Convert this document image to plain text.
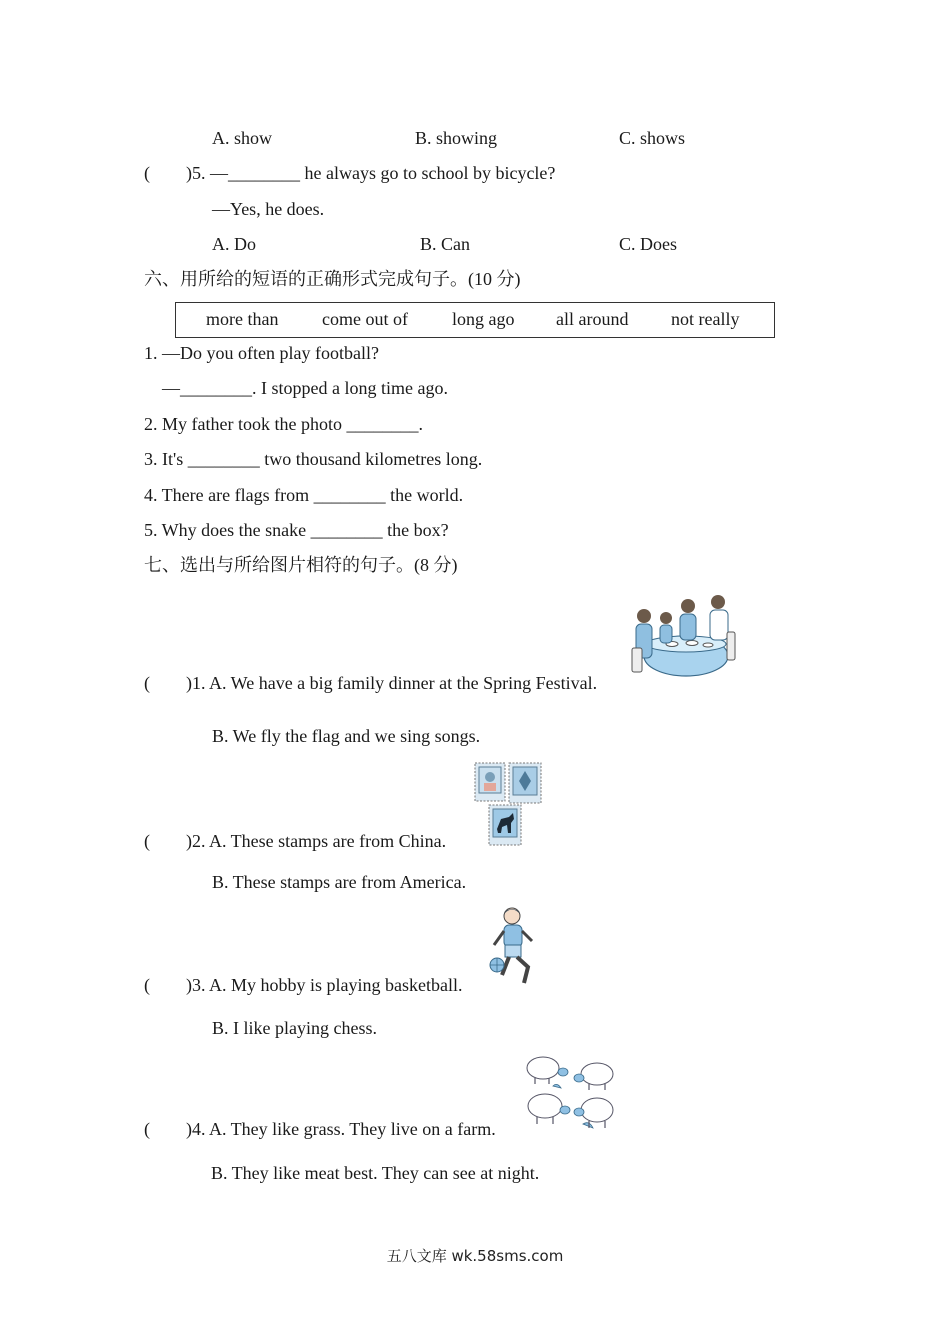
A. show	B. showing	C. shows
(　　)5. —________ he always go to school by bicycle?
—Yes, he does.
A. Do	B. Can	C. Does
六、用所给的短语的正确形式完成句子。(10 分)
more than come out of long ago all around not really
1. —Do you often play football?
—________. I stopped a long time ago.
2. My father took the photo ________.
3. It's ________ two thousand kilometres long.
4. There are flags from ________ the world.
5. Why does the snake ________ the box?
七、选出与所给图片相符的句子。(8 分)
(　　)1. A. We have a big family dinner at the Spring Festival.
B. We fly the flag and we sing songs.
(　　)2. A. These stamps are from China.
B. These stamps are from America.
(　　)3. A. My hobby is playing basketball.
B. I like playing chess.
(　　)4. A. They like grass. They live on a farm.
B. They like meat best. They can see at night.
五八文库 wk.58sms.com
